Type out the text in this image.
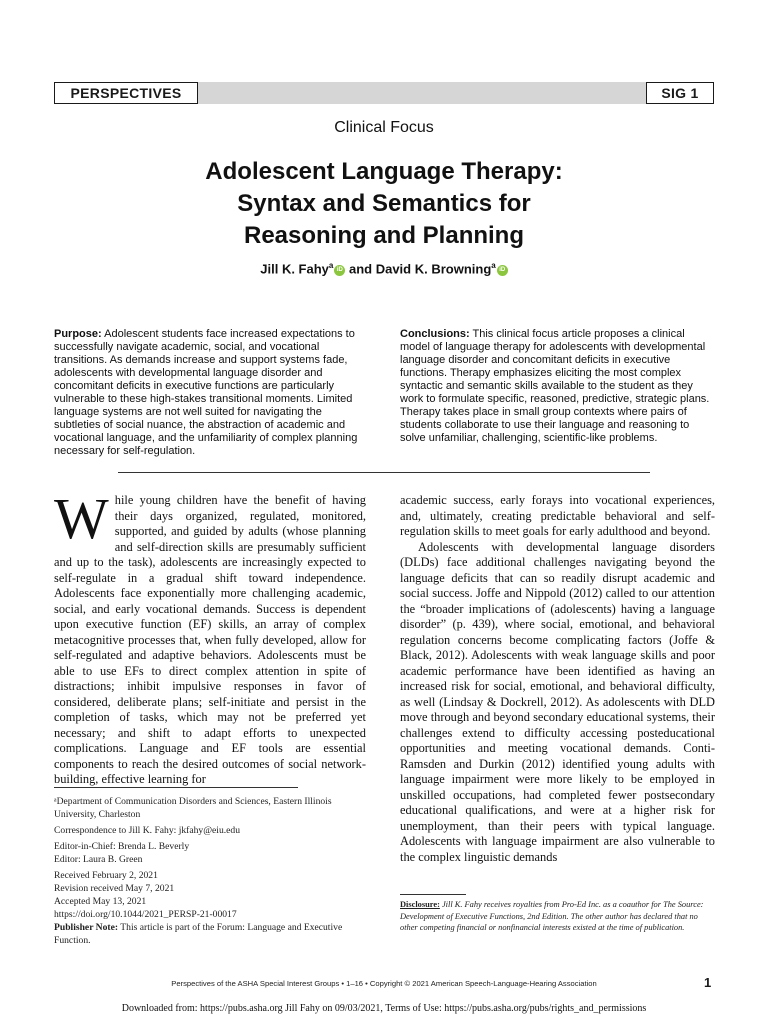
PERSPECTIVES	SIG 1
Clinical Focus
Adolescent Language Therapy:
Syntax and Semantics for
Reasoning and Planning
Jill K. Fahy$^a$iD and David K. Browning$^a$iD
Purpose: Adolescent students face increased expectations to successfully navigate academic, social, and vocational transitions. As demands increase and support systems fade, adolescents with developmental language disorder and concomitant deficits in executive functions are particularly vulnerable to these high-stakes transitional moments. Limited language systems are not well suited for navigating the subtleties of social nuance, the abstraction of academic and vocational language, and the unfamiliarity of complex planning necessary for self-regulation.
Conclusions: This clinical focus article proposes a clinical model of language therapy for adolescents with developmental language disorder and concomitant deficits in executive functions. Therapy emphasizes eliciting the most complex syntactic and semantic skills available to the student as they work to formulate specific, reasoned, predictive, strategic plans. Therapy takes place in small group contexts where pairs of students collaborate to use their language and reasoning to solve unfamiliar, challenging, scientific-like problems.

While young children have the benefit of having their days organized, regulated, monitored, supported, and guided by adults (whose planning and self-direction skills are presumably sufficient and up to the task), adolescents are increasingly expected to self-regulate in a gradual shift toward independence. Adolescents face exponentially more challenging academic, social, and early vocational demands. Success is dependent upon executive function (EF) skills, an array of complex metacognitive processes that, when fully developed, allow for self-regulated and adaptive behaviors. Adolescents must be able to use EFs to direct complex attention in spite of distractions; inhibit impulsive responses in favor of considered, deliberate plans; self-initiate and persist in the completion of tasks, which may not be preferred yet necessary; and shift to adapt efforts to unexpected complications. Language and EF tools are essential components to reach the desired outcomes of social network-building, effective learning for

academic success, early forays into vocational experiences, and, ultimately, creating predictable behavioral and self-regulation skills to meet goals for early adulthood and beyond.

Adolescents with developmental language disorders (DLDs) face additional challenges navigating beyond the language deficits that can so readily disrupt academic and social success. Joffe and Nippold (2012) called to our attention the “broader implications of (adolescents) having a language disorder” (p. 439), where social, emotional, and behavioral regulation concerns become complicating factors (Joffe & Black, 2012). Adolescents with weak language skills and poor academic performance have been identified as having an increased risk for social, emotional, and behavioral difficulty, as well (Lindsay & Dockrell, 2012). As adolescents with DLD move through and beyond secondary educational systems, their challenges extend to difficulty accessing posteducational opportunities and meeting vocational demands. Conti-Ramsden and Durkin (2012) identified young adults with language impairment were more likely to be employed in unskilled occupations, had completed fewer postsecondary educational qualifications, and were at a higher risk for unemployment, than their peers with typical language. Adolescents with language impairment are also vulnerable to the complex linguistic demands

ᵃDepartment of Communication Disorders and Sciences, Eastern Illinois University, Charleston
Correspondence to Jill K. Fahy: jkfahy@eiu.edu
Editor-in-Chief: Brenda L. Beverly
Editor: Laura B. Green
Received February 2, 2021
Revision received May 7, 2021
Accepted May 13, 2021
https://doi.org/10.1044/2021_PERSP-21-00017
Publisher Note: This article is part of the Forum: Language and Executive Function.
Disclosure: Jill K. Fahy receives royalties from Pro-Ed Inc. as a coauthor for The Source: Development of Executive Functions, 2nd Edition. The other author has declared that no other competing financial or nonfinancial interests existed at the time of publication.
Perspectives of the ASHA Special Interest Groups • 1–16 • Copyright © 2021 American Speech-Language-Hearing Association	1
Downloaded from: https://pubs.asha.org Jill Fahy on 09/03/2021, Terms of Use: https://pubs.asha.org/pubs/rights_and_permissions
